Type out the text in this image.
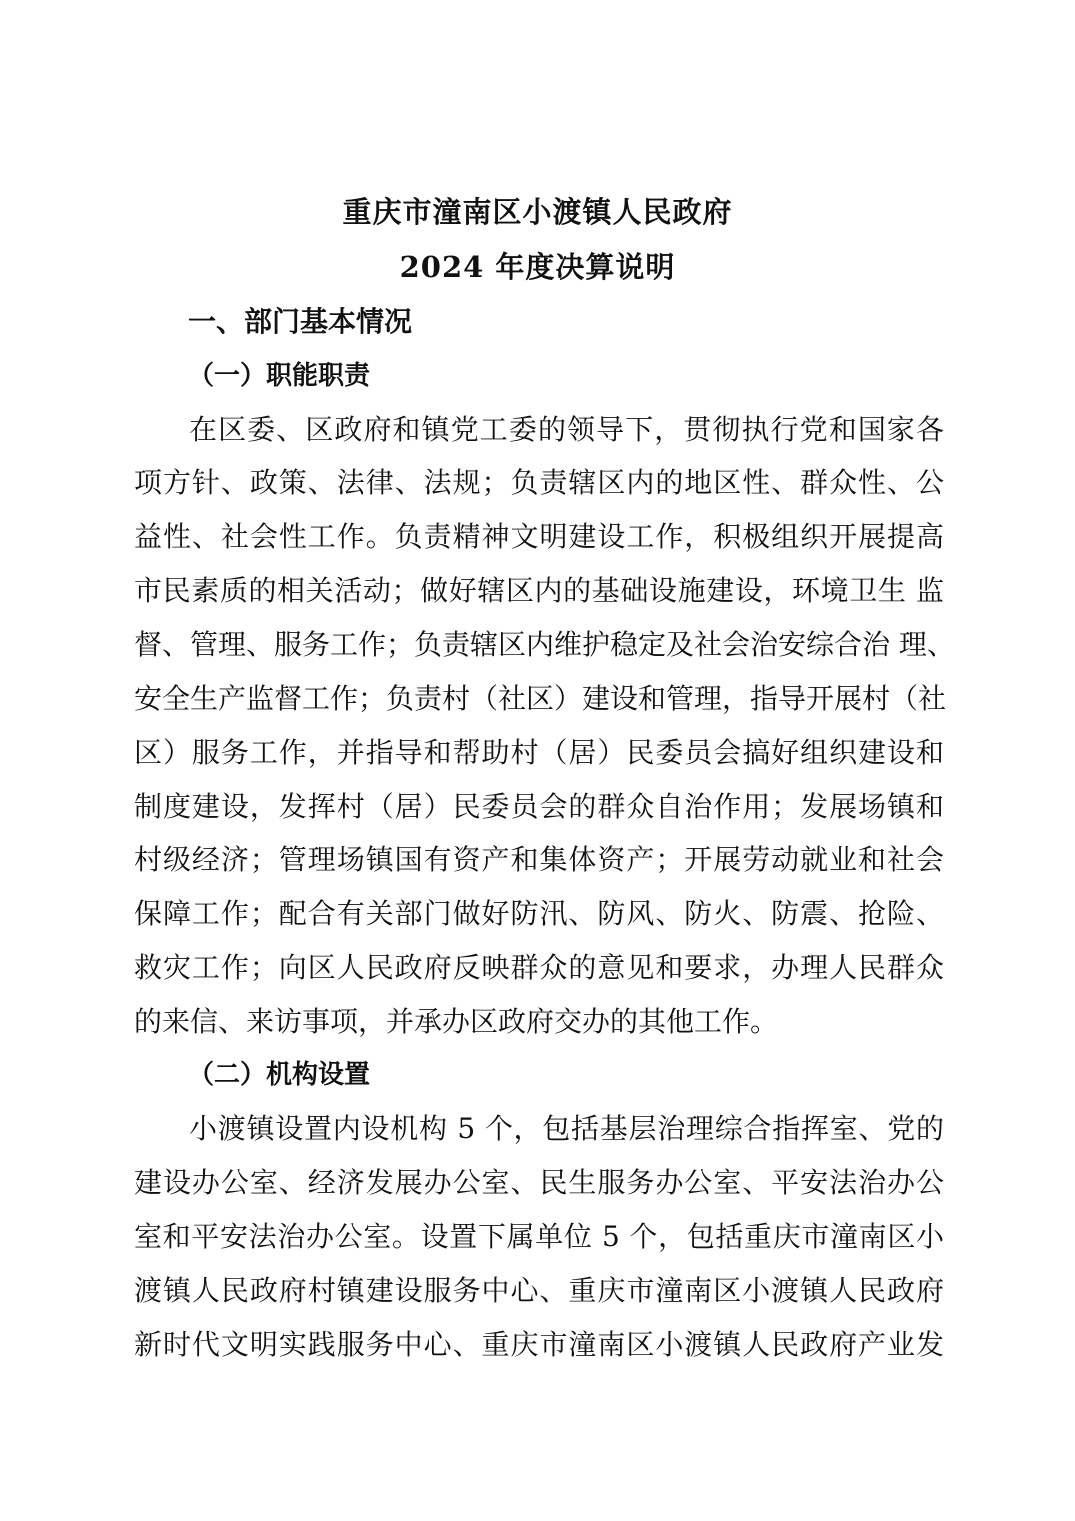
重庆市潼南区小渡镇人民政府
2024 年度决算说明
一、部门基本情况
（一）职能职责
在区委、区政府和镇党工委的领导下，贯彻执行党和国家各
项方针、政策、法律、法规；负责辖区内的地区性、群众性、公
益性、社会性工作。负责精神文明建设工作，积极组织开展提高
市民素质的相关活动；做好辖区内的基础设施建设，环境卫生 监
督、管理、服务工作；负责辖区内维护稳定及社会治安综合治 理、
安全生产监督工作；负责村（社区）建设和管理，指导开展村（社
区）服务工作，并指导和帮助村（居）民委员会搞好组织建设和
制度建设，发挥村（居）民委员会的群众自治作用；发展场镇和
村级经济；管理场镇国有资产和集体资产；开展劳动就业和社会
保障工作；配合有关部门做好防汛、防风、防火、防震、抢险、
救灾工作；向区人民政府反映群众的意见和要求，办理人民群众
的来信、来访事项，并承办区政府交办的其他工作。
（二）机构设置
小渡镇设置内设机构 5 个，包括基层治理综合指挥室、党的
建设办公室、经济发展办公室、民生服务办公室、平安法治办公
室和平安法治办公室。设置下属单位 5 个，包括重庆市潼南区小
渡镇人民政府村镇建设服务中心、重庆市潼南区小渡镇人民政府
新时代文明实践服务中心、重庆市潼南区小渡镇人民政府产业发
